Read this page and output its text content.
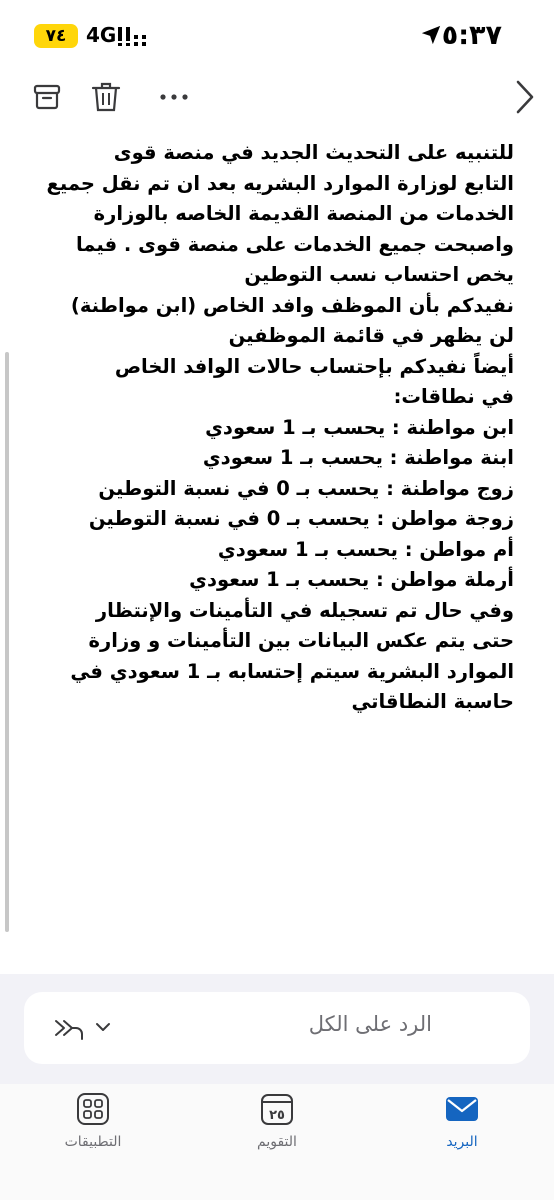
٥:٣٧
4G
٧٤
للتنبيه على التحديث الجديد في منصة قوى
التابع لوزارة الموارد البشريه بعد ان تم نقل جميع
الخدمات من المنصة القديمة الخاصه بالوزارة
واصبحت جميع الخدمات على منصة قوى . فيما
يخص احتساب نسب التوطين
نفيدكم بأن الموظف وافد الخاص (ابن مواطنة)
لن يظهر في قائمة الموظفين
أيضاً نفيدكم بإحتساب حالات الوافد الخاص
في نطاقات:
ابن مواطنة : يحسب بـ 1 سعودي
ابنة مواطنة : يحسب بـ 1 سعودي
زوج مواطنة : يحسب بـ 0 في نسبة التوطين
زوجة مواطن : يحسب بـ 0 في نسبة التوطين
أم مواطن : يحسب بـ 1 سعودي
أرملة مواطن : يحسب بـ 1 سعودي
وفي حال تم تسجيله في التأمينات والإنتظار
حتى يتم عكس البيانات بين التأمينات و وزارة
الموارد البشرية سيتم إحتسابه بـ 1 سعودي في
حاسبة النطاقاتي
الرد على الكل
التطبيقات
٢٥
التقويم	البريد
